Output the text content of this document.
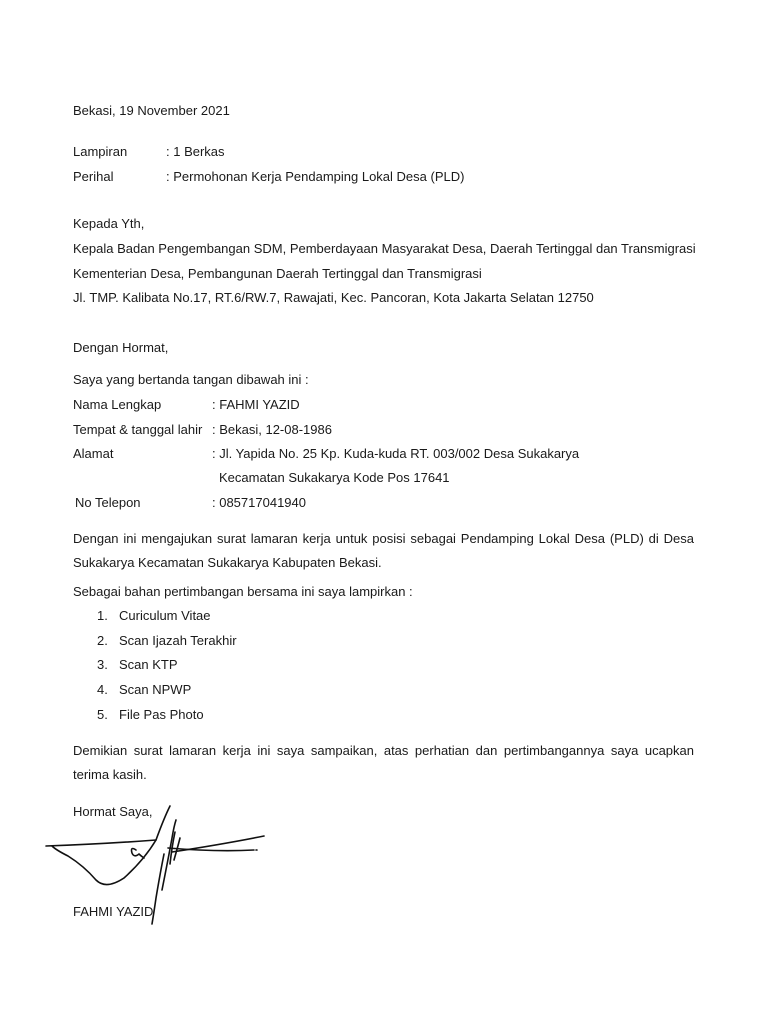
Bekasi, 19 November 2021
Lampiran	: 1 Berkas
Perihal	: Permohonan Kerja Pendamping Lokal Desa (PLD)
Kepada Yth,
Kepala Badan Pengembangan SDM, Pemberdayaan Masyarakat Desa, Daerah Tertinggal dan Transmigrasi
Kementerian Desa, Pembangunan Daerah Tertinggal dan Transmigrasi
Jl. TMP. Kalibata No.17, RT.6/RW.7, Rawajati, Kec. Pancoran, Kota Jakarta Selatan 12750
Dengan Hormat,
Saya yang bertanda tangan dibawah ini :
Nama Lengkap	: FAHMI YAZID
Tempat & tanggal lahir : Bekasi, 12-08-1986
Alamat	: Jl. Yapida No. 25 Kp. Kuda-kuda RT. 003/002 Desa Sukakarya
Kecamatan Sukakarya Kode Pos 17641
No Telepon	: 085717041940
Dengan ini mengajukan surat lamaran kerja untuk posisi sebagai Pendamping Lokal Desa (PLD) di Desa Sukakarya Kecamatan Sukakarya Kabupaten Bekasi.
Sebagai bahan pertimbangan bersama ini saya lampirkan :
1. Curiculum Vitae
2. Scan Ijazah Terakhir
3. Scan KTP
4. Scan NPWP
5. File Pas Photo
Demikian surat lamaran kerja ini saya sampaikan, atas perhatian dan pertimbangannya saya ucapkan terima kasih.
Hormat Saya,
FAHMI YAZID
